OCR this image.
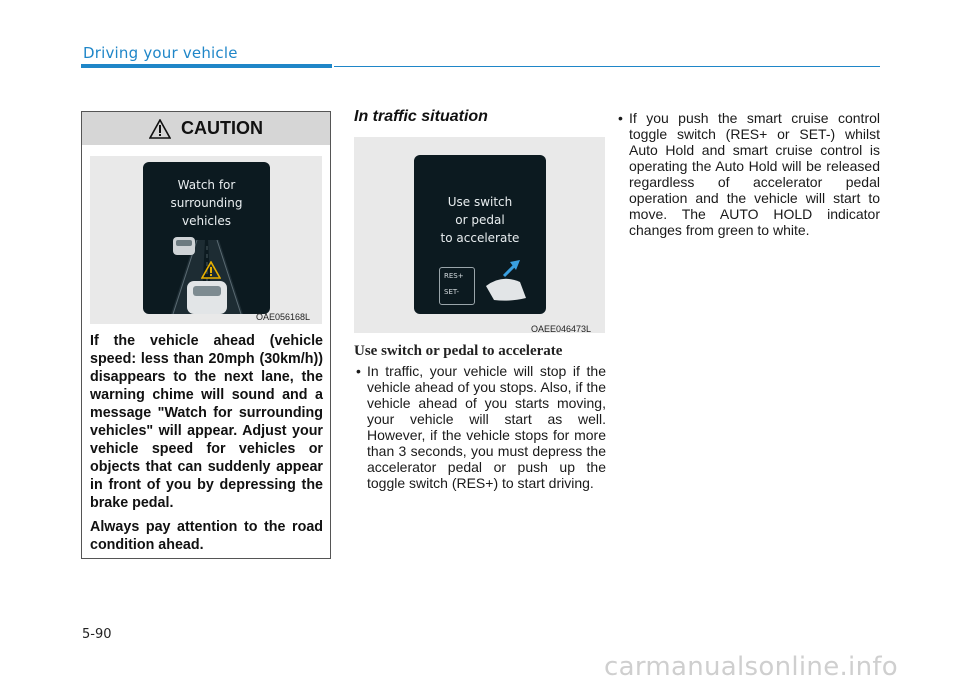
Driving your vehicle
CAUTION
Watch for
surrounding
vehicles
OAE056168L

If the vehicle ahead (vehicle speed: less than 20mph (30km/h)) disappears to the next lane, the warning chime will sound and a message "Watch for surrounding vehicles" will appear. Adjust your vehicle speed for vehicles or objects that can suddenly appear in front of you by depressing the brake pedal.

Always pay attention to the road condition ahead.

In traffic situation
Use switch
or pedal
to accelerate
RES+
SET-
OAEE046473L
Use switch or pedal to accelerate
• In traffic, your vehicle will stop if the vehicle ahead of you stops. Also, if the vehicle ahead of you starts moving, your vehicle will start as well. However, if the vehicle stops for more than 3 seconds, you must depress the accelerator pedal or push up the toggle switch (RES+) to start driving.
• If you push the smart cruise control toggle switch (RES+ or SET-) whilst Auto Hold and smart cruise control is operating the Auto Hold will be released regardless of accelerator pedal operation and the vehicle will start to move. The AUTO HOLD indicator changes from green to white.
5-90
carmanualsonline.info
